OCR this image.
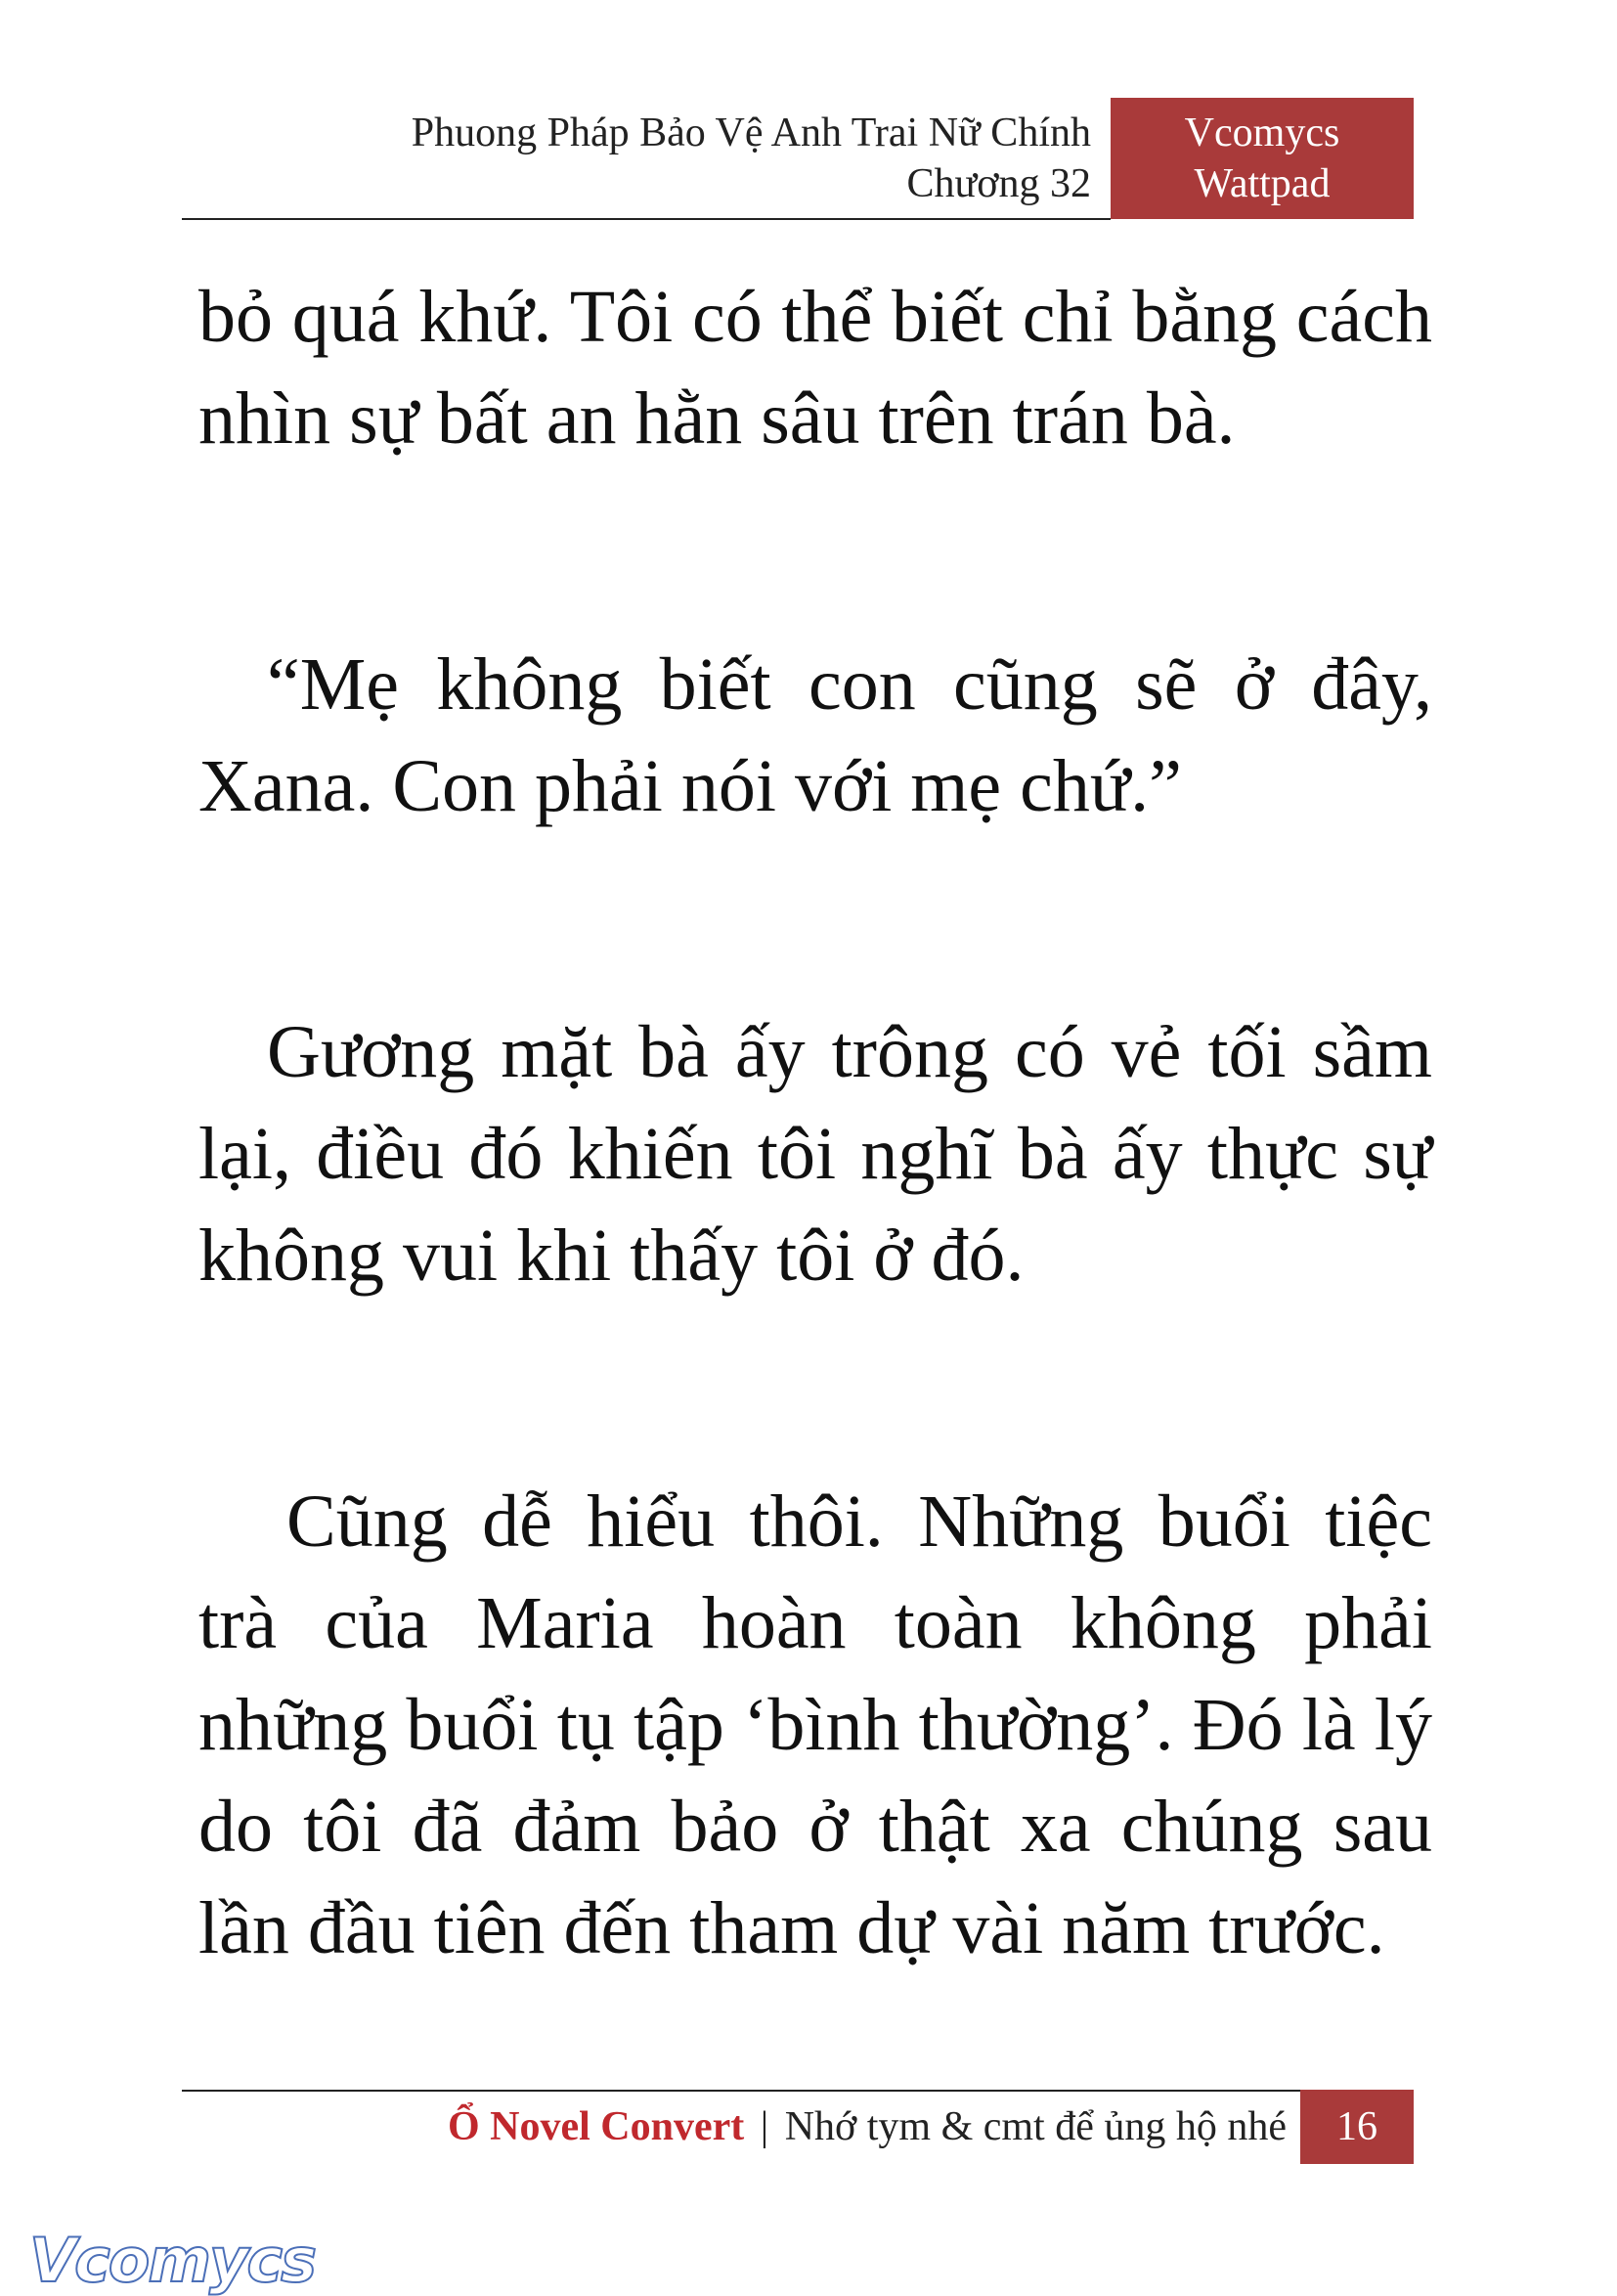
Phuong Pháp Bảo Vệ Anh Trai Nữ Chính
Chương 32
Vcomycs
Wattpad

bỏ quá khứ. Tôi có thể biết chỉ bằng cách nhìn sự bất an hằn sâu trên trán bà.

“Mẹ không biết con cũng sẽ ở đây, Xana. Con phải nói với mẹ chứ.”

Gương mặt bà ấy trông có vẻ tối sầm lại, điều đó khiến tôi nghĩ bà ấy thực sự không vui khi thấy tôi ở đó.

Cũng dễ hiểu thôi. Những buổi tiệc trà của Maria hoàn toàn không phải những buổi tụ tập ‘bình thường’. Đó là lý do tôi đã đảm bảo ở thật xa chúng sau lần đầu tiên đến tham dự vài năm trước.

Ổ Novel Convert | Nhớ tym & cmt để ủng hộ nhé	16
Vcomycs
